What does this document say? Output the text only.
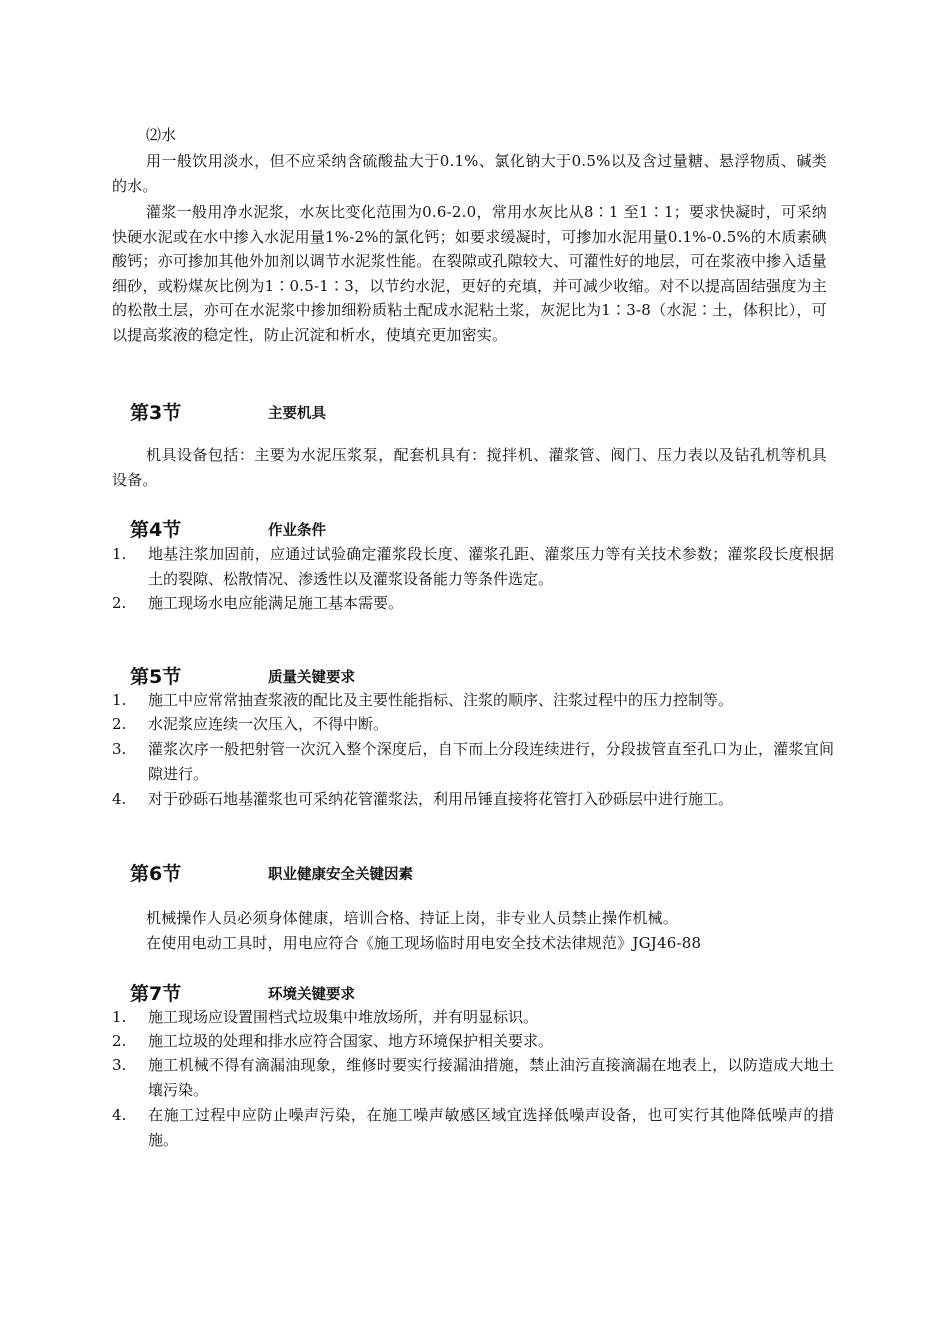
⑵水

用一般饮用淡水，但不应采纳含硫酸盐大于0.1%、氯化钠大于0.5%以及含过量糖、悬浮物质、碱类的水。

灌浆一般用净水泥浆，水灰比变化范围为0.6-2.0，常用水灰比从8∶1 至1∶1；要求快凝时，可采纳快硬水泥或在水中掺入水泥用量1%-2%的氯化钙；如要求缓凝时，可掺加水泥用量0.1%-0.5%的木质素碘酸钙；亦可掺加其他外加剂以调节水泥浆性能。在裂隙或孔隙较大、可灌性好的地层，可在浆液中掺入适量细砂，或粉煤灰比例为1∶0.5-1∶3，以节约水泥，更好的充填，并可减少收缩。对不以提高固结强度为主的松散土层，亦可在水泥浆中掺加细粉质粘土配成水泥粘土浆，灰泥比为1∶3-8（水泥∶土，体积比），可以提高浆液的稳定性，防止沉淀和析水，使填充更加密实。

第3节	主要机具

机具设备包括：主要为水泥压浆泵，配套机具有：搅拌机、灌浆管、阀门、压力表以及钻孔机等机具设备。

第4节	作业条件
1.	地基注浆加固前，应通过试验确定灌浆段长度、灌浆孔距、灌浆压力等有关技术参数；灌浆段长度根据土的裂隙、松散情况、渗透性以及灌浆设备能力等条件选定。
2.	施工现场水电应能满足施工基本需要。
第5节	质量关键要求
1.	施工中应常常抽查浆液的配比及主要性能指标、注浆的顺序、注浆过程中的压力控制等。
2.	水泥浆应连续一次压入，不得中断。
3.	灌浆次序一般把射管一次沉入整个深度后，自下而上分段连续进行，分段拔管直至孔口为止，灌浆宜间隙进行。
4.	对于砂砾石地基灌浆也可采纳花管灌浆法，利用吊锤直接将花管打入砂砾层中进行施工。
第6节	职业健康安全关键因素

机械操作人员必须身体健康，培训合格、持证上岗，非专业人员禁止操作机械。

在使用电动工具时，用电应符合《施工现场临时用电安全技术法律规范》JGJ46-88

第7节	环境关键要求
1.	施工现场应设置围档式垃圾集中堆放场所，并有明显标识。
2.	施工垃圾的处理和排水应符合国家、地方环境保护相关要求。
3.	施工机械不得有滴漏油现象，维修时要实行接漏油措施，禁止油污直接滴漏在地表上，以防造成大地土壤污染。
4.	在施工过程中应防止噪声污染，在施工噪声敏感区域宜选择低噪声设备，也可实行其他降低噪声的措施。
